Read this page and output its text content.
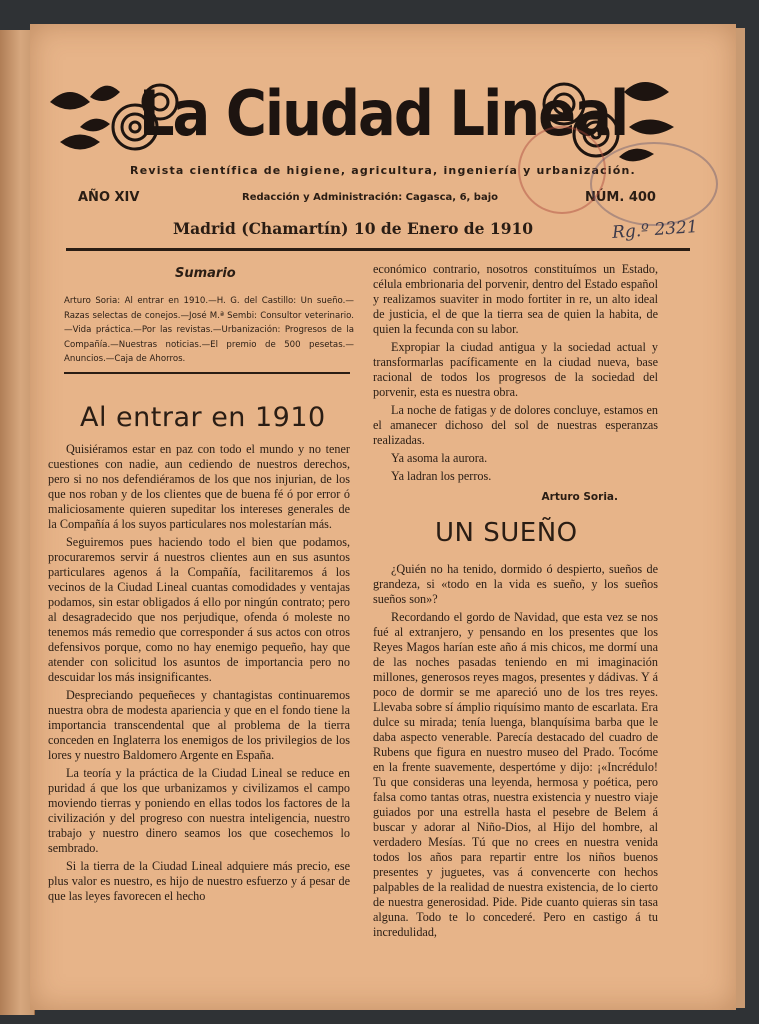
La Ciudad Lineal
Revista científica de higiene, agricultura, ingeniería y urbanización.
AÑO XIV	Redacción y Administración: Cagasca, 6, bajo	NÚM. 400
Madrid (Chamartín) 10 de Enero de 1910	Rg.º 2321
Sumario
Arturo Soria: Al entrar en 1910.—H. G. del Castillo: Un sueño.—Razas selectas de conejos.—José M.ª Sembi: Consultor veterinario.—Vida práctica.—Por las revistas.—Urbanización: Progresos de la Compañía.—Nuestras noticias.—El premio de 500 pesetas.—Anuncios.—Caja de Ahorros.
Al entrar en 1910

Quisiéramos estar en paz con todo el mundo y no tener cuestiones con nadie, aun cediendo de nuestros derechos, pero si no nos defendiéramos de los que nos injurian, de los que nos roban y de los clientes que de buena fé ó por error ó maliciosamente quieren supeditar los intereses generales de la Compañía á los suyos particulares nos molestarían más.

Seguiremos pues haciendo todo el bien que podamos, procuraremos servir á nuestros clientes aun en sus asuntos particulares agenos á la Compañía, facilitaremos á los vecinos de la Ciudad Lineal cuantas comodidades y ventajas podamos, sin estar obligados á ello por ningún contrato; pero al desagradecido que nos perjudique, ofenda ó moleste no tenemos más remedio que corresponder á sus actos con otros defensivos porque, como no hay enemigo pequeño, hay que atender con solicitud los asuntos de importancia pero no descuidar los más insignificantes.

Despreciando pequeñeces y chantagistas continuaremos nuestra obra de modesta apariencia y que en el fondo tiene la importancia transcendental que al problema de la tierra conceden en Inglaterra los enemigos de los privilegios de los lores y nuestro Baldomero Argente en España.

La teoría y la práctica de la Ciudad Lineal se reduce en puridad á que los que urbanizamos y civilizamos el campo moviendo tierras y poniendo en ellas todos los factores de la civilización y del progreso con nuestra inteligencia, nuestro trabajo y nuestro dinero seamos los que cosechemos lo sembrado.

Si la tierra de la Ciudad Lineal adquiere más precio, ese plus valor es nuestro, es hijo de nuestro esfuerzo y á pesar de que las leyes favorecen el hecho

económico contrario, nosotros constituímos un Estado, célula embrionaria del porvenir, dentro del Estado español y realizamos suaviter in modo fortiter in re, un alto ideal de justicia, el de que la tierra sea de quien la habita, de quien la fecunda con su labor.

Expropiar la ciudad antigua y la sociedad actual y transformarlas pacíficamente en la ciudad nueva, base racional de todos los progresos de la sociedad del porvenir, esta es nuestra obra.

La noche de fatigas y de dolores concluye, estamos en el amanecer dichoso del sol de nuestras esperanzas realizadas.

Ya asoma la aurora.

Ya ladran los perros.

Arturo Soria.
UN SUEÑO

¿Quién no ha tenido, dormido ó despierto, sueños de grandeza, si «todo en la vida es sueño, y los sueños sueños son»?

Recordando el gordo de Navidad, que esta vez se nos fué al extranjero, y pensando en los presentes que los Reyes Magos harían este año á mis chicos, me dormí una de las noches pasadas teniendo en mi imaginación millones, generosos reyes magos, presentes y dádivas. Y á poco de dormir se me apareció uno de los tres reyes. Llevaba sobre sí ámplio riquísimo manto de escarlata. Era dulce su mirada; tenía luenga, blanquísima barba que le daba aspecto venerable. Parecía destacado del cuadro de Rubens que figura en nuestro museo del Prado. Tocóme en la frente suavemente, despertóme y dijo: ¡«Incrédulo! Tu que consideras una leyenda, hermosa y poética, pero falsa como tantas otras, nuestra existencia y nuestro viaje guiados por una estrella hasta el pesebre de Belem á buscar y adorar al Niño-Dios, al Hijo del hombre, al verdadero Mesías. Tú que no crees en nuestra venida todos los años para repartir entre los niños buenos presentes y juguetes, vas á convencerte con hechos palpables de la realidad de nuestra existencia, de lo cierto de nuestra generosidad. Pide. Pide cuanto quieras sin tasa alguna. Todo te lo concederé. Pero en castigo á tu incredulidad,
